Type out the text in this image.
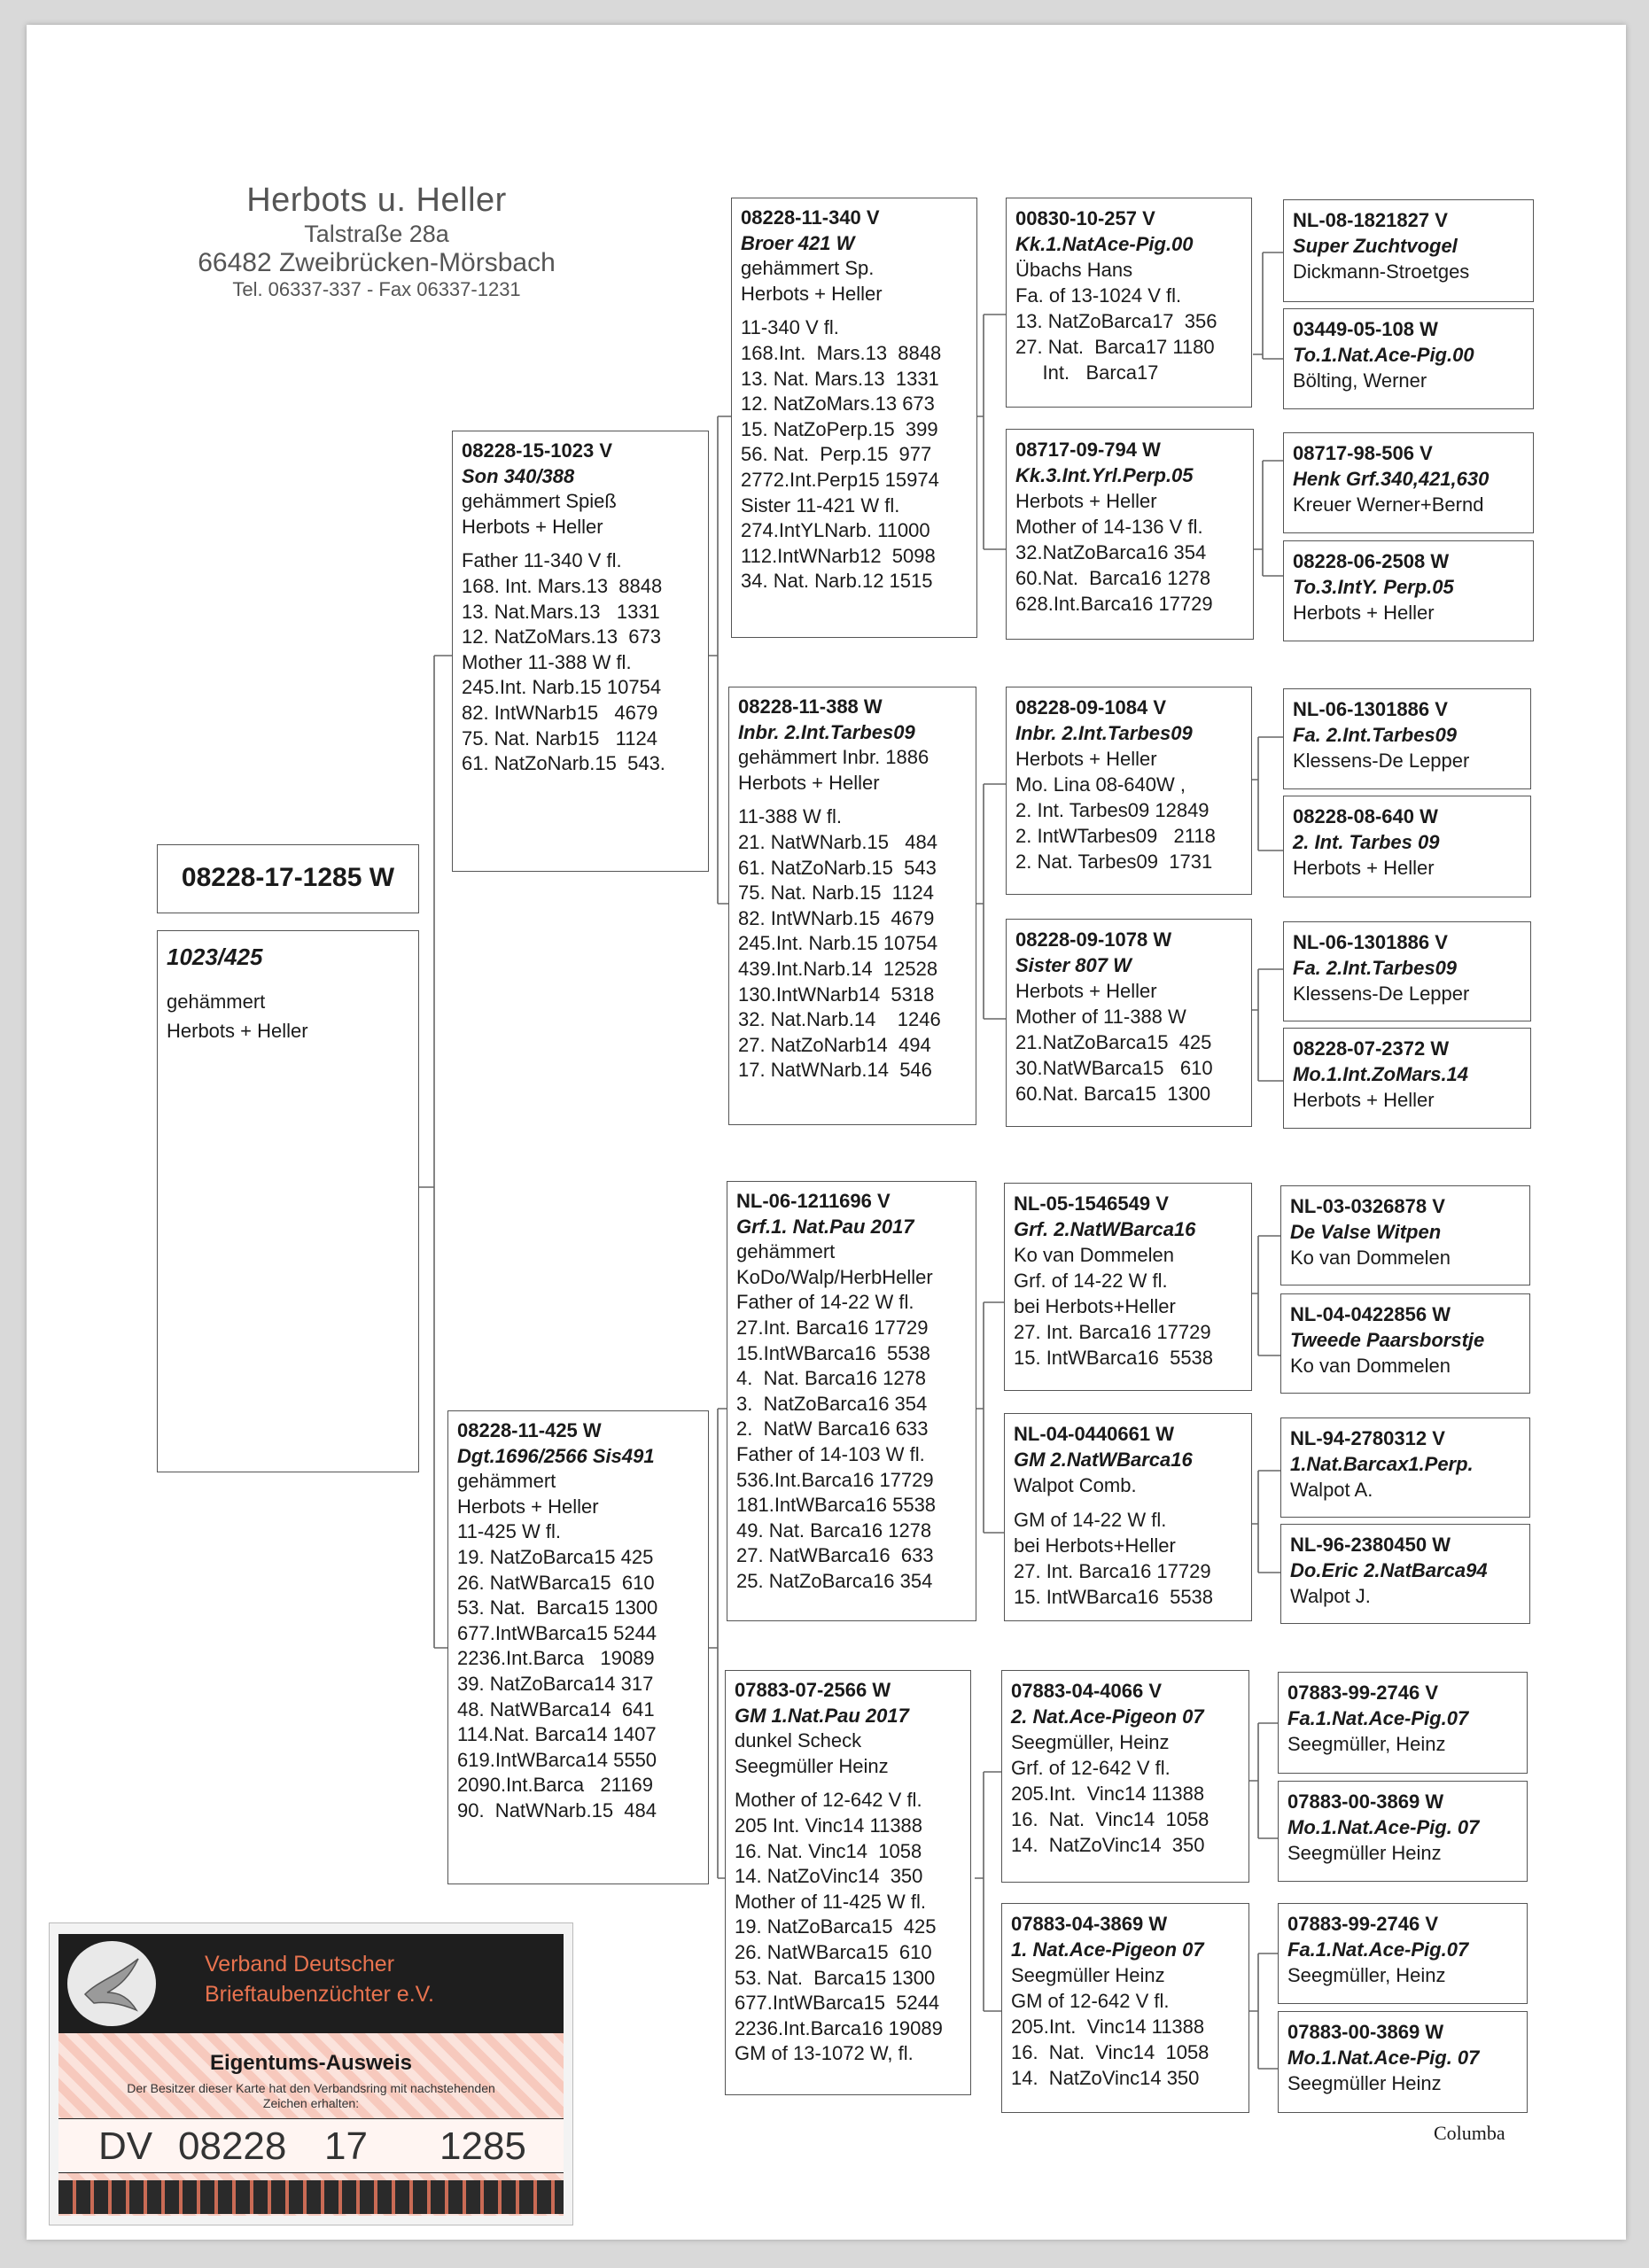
Herbots u. Heller
Talstraße 28a
66482 Zweibrücken-Mörsbach
Tel. 06337-337 - Fax 06337-1231
08228-17-1285 W
1023/425
gehämmert
Herbots + Heller
08228-15-1023 V
Son 340/388
gehämmert Spieß
Herbots + Heller
Father 11-340 V fl.
168. Int. Mars.13  8848
13. Nat.Mars.13   1331
12. NatZoMars.13  673
Mother 11-388 W fl.
245.Int. Narb.15 10754
82. IntWNarb15   4679
75. Nat. Narb15   1124
61. NatZoNarb.15  543.
08228-11-425 W
Dgt.1696/2566 Sis491
gehämmert
Herbots + Heller
11-425 W fl.
19. NatZoBarca15 425
26. NatWBarca15  610
53. Nat.  Barca15 1300
677.IntWBarca15 5244
2236.Int.Barca   19089
39. NatZoBarca14 317
48. NatWBarca14  641
114.Nat. Barca14 1407
619.IntWBarca14 5550
2090.Int.Barca   21169
90.  NatWNarb.15  484
08228-11-340 V
Broer 421 W
gehämmert Sp.
Herbots + Heller
11-340 V fl.
168.Int.  Mars.13  8848
13. Nat. Mars.13  1331
12. NatZoMars.13 673
15. NatZoPerp.15  399
56. Nat.  Perp.15  977
2772.Int.Perp15 15974
Sister 11-421 W fl.
274.IntYLNarb. 11000
112.IntWNarb12  5098
34. Nat. Narb.12 1515
08228-11-388 W
Inbr. 2.Int.Tarbes09
gehämmert Inbr. 1886
Herbots + Heller
11-388 W fl.
21. NatWNarb.15   484
61. NatZoNarb.15  543
75. Nat. Narb.15  1124
82. IntWNarb.15  4679
245.Int. Narb.15 10754
439.Int.Narb.14  12528
130.IntWNarb14  5318
32. Nat.Narb.14    1246
27. NatZoNarb14  494
17. NatWNarb.14  546
NL-06-1211696 V
Grf.1. Nat.Pau 2017
gehämmert
KoDo/Walp/HerbHeller
Father of 14-22 W fl.
27.Int. Barca16 17729
15.IntWBarca16  5538
4.  Nat. Barca16 1278
3.  NatZoBarca16 354
2.  NatW Barca16 633
Father of 14-103 W fl.
536.Int.Barca16 17729
181.IntWBarca16 5538
49. Nat. Barca16 1278
27. NatWBarca16  633
25. NatZoBarca16 354
07883-07-2566 W
GM 1.Nat.Pau 2017
dunkel Scheck
Seegmüller Heinz
Mother of 12-642 V fl.
205 Int. Vinc14 11388
16. Nat. Vinc14  1058
14. NatZoVinc14  350
Mother of 11-425 W fl.
19. NatZoBarca15  425
26. NatWBarca15  610
53. Nat.  Barca15 1300
677.IntWBarca15  5244
2236.Int.Barca16 19089
GM of 13-1072 W, fl.
00830-10-257 V
Kk.1.NatAce-Pig.00
Übachs Hans
Fa. of 13-1024 V fl.
13. NatZoBarca17  356
27. Nat.  Barca17 1180
Int.   Barca17
08717-09-794 W
Kk.3.Int.Yrl.Perp.05
Herbots + Heller
Mother of 14-136 V fl.
32.NatZoBarca16 354
60.Nat.  Barca16 1278
628.Int.Barca16 17729
08228-09-1084 V
Inbr. 2.Int.Tarbes09
Herbots + Heller
Mo. Lina 08-640W ,
2. Int. Tarbes09 12849
2. IntWTarbes09   2118
2. Nat. Tarbes09  1731
08228-09-1078 W
Sister 807 W
Herbots + Heller
Mother of 11-388 W
21.NatZoBarca15  425
30.NatWBarca15   610
60.Nat. Barca15  1300
NL-05-1546549 V
Grf. 2.NatWBarca16
Ko van Dommelen
Grf. of 14-22 W fl.
bei Herbots+Heller
27. Int. Barca16 17729
15. IntWBarca16  5538
NL-04-0440661 W
GM 2.NatWBarca16
Walpot Comb.
GM of 14-22 W fl.
bei Herbots+Heller
27. Int. Barca16 17729
15. IntWBarca16  5538
07883-04-4066 V
2. Nat.Ace-Pigeon 07
Seegmüller, Heinz
Grf. of 12-642 V fl.
205.Int.  Vinc14 11388
16.  Nat.  Vinc14  1058
14.  NatZoVinc14  350
07883-04-3869 W
1. Nat.Ace-Pigeon 07
Seegmüller Heinz
GM of 12-642 V fl.
205.Int.  Vinc14 11388
16.  Nat.  Vinc14  1058
14.  NatZoVinc14 350
NL-08-1821827 V
Super Zuchtvogel
Dickmann-Stroetges
03449-05-108 W
To.1.Nat.Ace-Pig.00
Bölting, Werner
08717-98-506 V
Henk Grf.340,421,630
Kreuer Werner+Bernd
08228-06-2508 W
To.3.IntY. Perp.05
Herbots + Heller
NL-06-1301886 V
Fa. 2.Int.Tarbes09
Klessens-De Lepper
08228-08-640 W
2. Int. Tarbes 09
Herbots + Heller
NL-06-1301886 V
Fa. 2.Int.Tarbes09
Klessens-De Lepper
08228-07-2372 W
Mo.1.Int.ZoMars.14
Herbots + Heller
NL-03-0326878 V
De Valse Witpen
Ko van Dommelen
NL-04-0422856 W
Tweede Paarsborstje
Ko van Dommelen
NL-94-2780312 V
1.Nat.Barcax1.Perp.
Walpot A.
NL-96-2380450 W
Do.Eric 2.NatBarca94
Walpot J.
07883-99-2746 V
Fa.1.Nat.Ace-Pig.07
Seegmüller, Heinz
07883-00-3869 W
Mo.1.Nat.Ace-Pig. 07
Seegmüller Heinz
07883-99-2746 V
Fa.1.Nat.Ace-Pig.07
Seegmüller, Heinz
07883-00-3869 W
Mo.1.Nat.Ace-Pig. 07
Seegmüller Heinz
Columba
Verband Deutscher
Brieftaubenzüchter e.V.
Eigentums-Ausweis
Der Besitzer dieser Karte hat den Verbandsring mit nachstehenden Zeichen erhalten:
DV 08228 17 1285
